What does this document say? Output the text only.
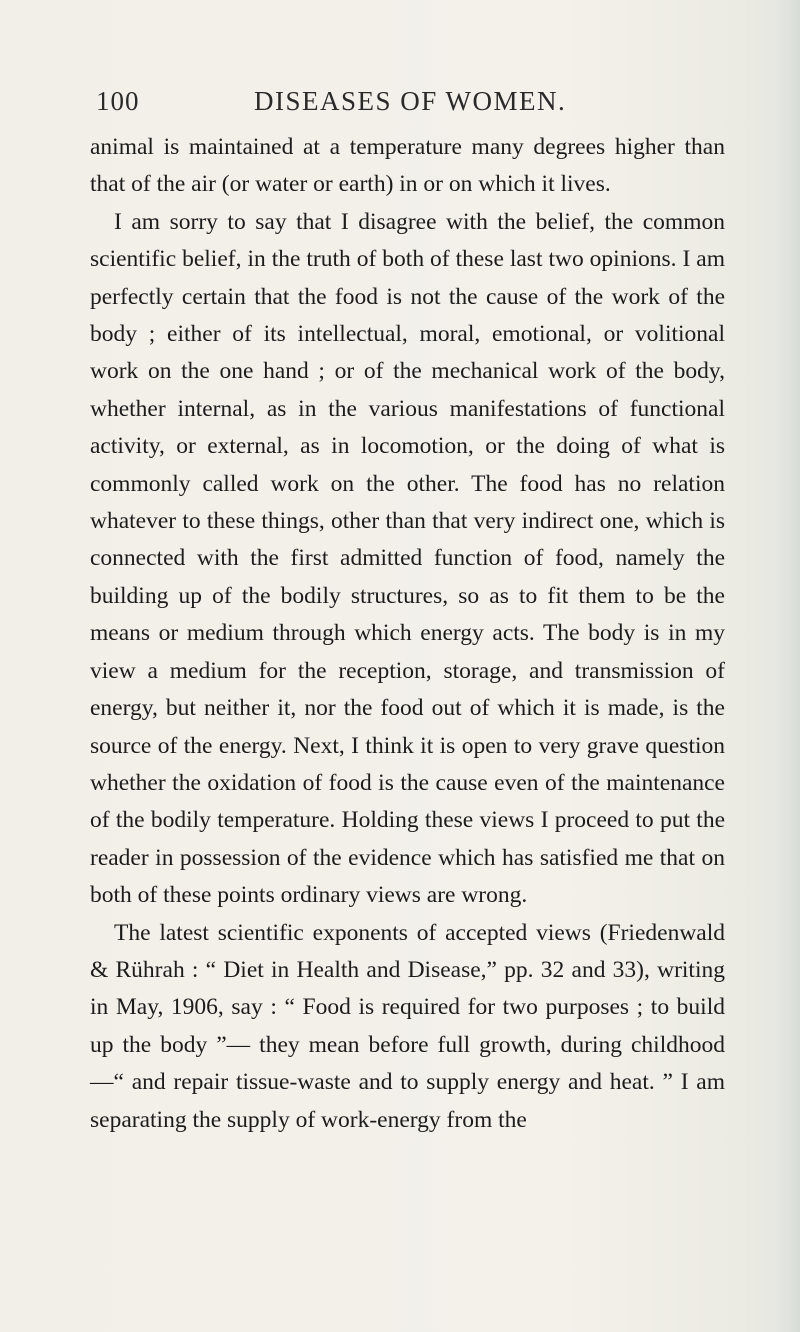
100	DISEASES OF WOMEN.

animal is maintained at a temperature many degrees higher than that of the air (or water or earth) in or on which it lives.

I am sorry to say that I disagree with the belief, the common scientific belief, in the truth of both of these last two opinions. I am perfectly certain that the food is not the cause of the work of the body ; either of its intellectual, moral, emotional, or volitional work on the one hand ; or of the mechanical work of the body, whether internal, as in the various manifestations of functional activity, or external, as in locomotion, or the doing of what is commonly called work on the other. The food has no relation whatever to these things, other than that very indirect one, which is connected with the first admitted function of food, namely the building up of the bodily structures, so as to fit them to be the means or medium through which energy acts. The body is in my view a medium for the reception, storage, and transmission of energy, but neither it, nor the food out of which it is made, is the source of the energy. Next, I think it is open to very grave question whether the oxidation of food is the cause even of the maintenance of the bodily temperature. Holding these views I proceed to put the reader in possession of the evidence which has satisfied me that on both of these points ordinary views are wrong.

The latest scientific exponents of accepted views (Friedenwald & Rührah : “ Diet in Health and Disease,” pp. 32 and 33), writing in May, 1906, say : “ Food is required for two purposes ; to build up the body ”— they mean before full growth, during childhood—“ and repair tissue-waste and to supply energy and heat. ” I am separating the supply of work-energy from the
